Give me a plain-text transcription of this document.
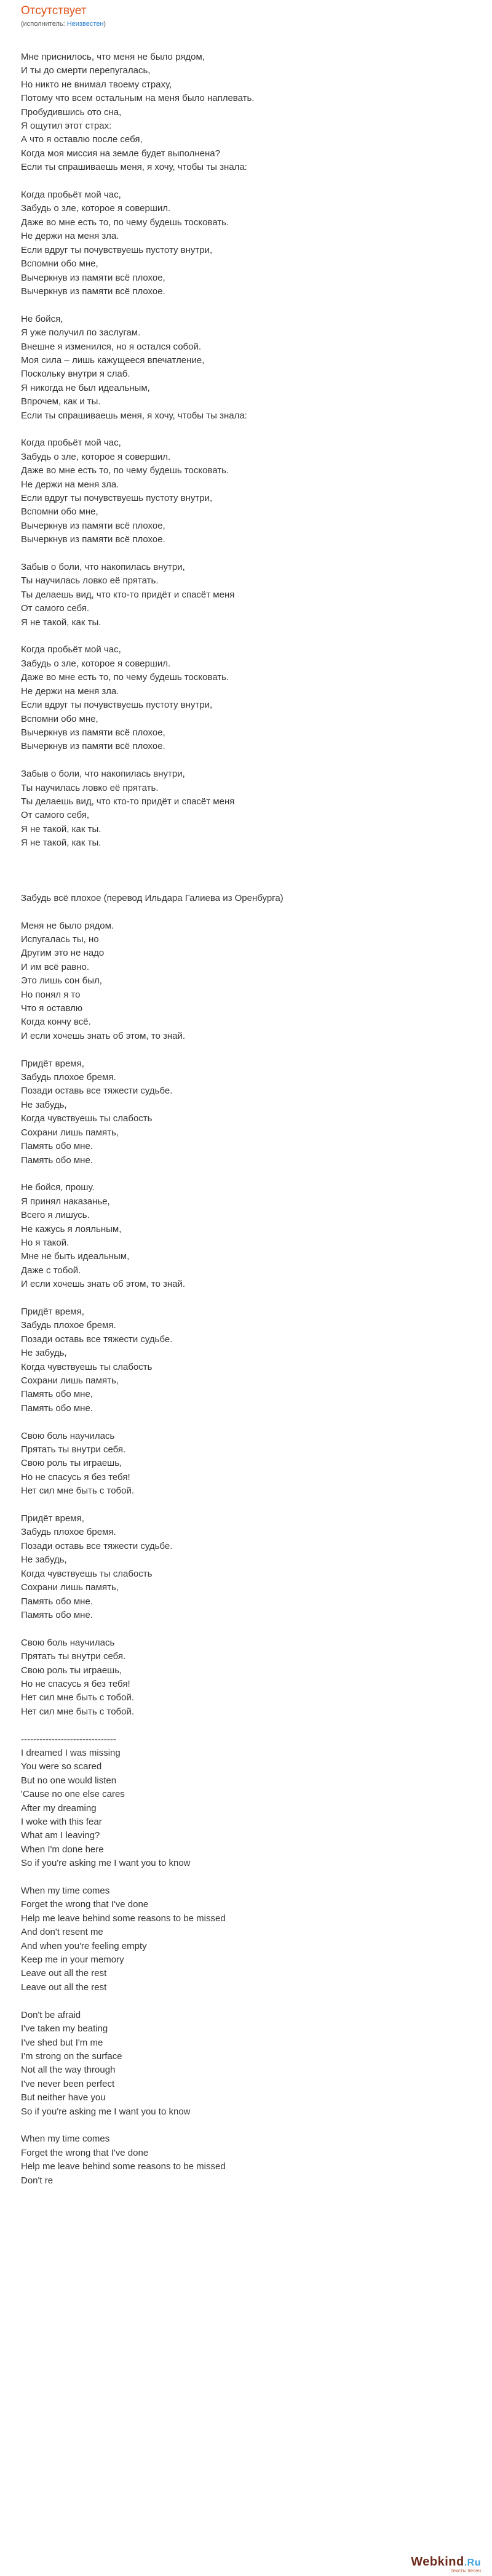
Отсутствует
(исполнитель: Неизвестен)
Мне приснилось, что меня не было рядом,
И ты до смерти перепугалась,
Но никто не внимал твоему страху,
Потому что всем остальным на меня было наплевать.
Пробудившись ото сна,
Я ощутил этот страх:
А что я оставлю после себя,
Когда моя миссия на земле будет выполнена?
Если ты спрашиваешь меня, я хочу, чтобы ты знала:

Когда пробьёт мой час,
Забудь о зле, которое я совершил.
Даже во мне есть то, по чему будешь тосковать.
Не держи на меня зла.
Если вдруг ты почувствуешь пустоту внутри,
Вспомни обо мне,
Вычеркнув из памяти всё плохое,
Вычеркнув из памяти всё плохое.

Не бойся,
Я уже получил по заслугам.
Внешне я изменился, но я остался собой.
Моя сила – лишь кажущееся впечатление,
Поскольку внутри я слаб.
Я никогда не был идеальным,
Впрочем, как и ты.
Если ты спрашиваешь меня, я хочу, чтобы ты знала:

Когда пробьёт мой час,
Забудь о зле, которое я совершил.
Даже во мне есть то, по чему будешь тосковать.
Не держи на меня зла.
Если вдруг ты почувствуешь пустоту внутри,
Вспомни обо мне,
Вычеркнув из памяти всё плохое,
Вычеркнув из памяти всё плохое.

Забыв о боли, что накопилась внутри,
Ты научилась ловко её прятать.
Ты делаешь вид, что кто-то придёт и спасёт меня
От самого себя.
Я не такой, как ты.

Когда пробьёт мой час,
Забудь о зле, которое я совершил.
Даже во мне есть то, по чему будешь тосковать.
Не держи на меня зла.
Если вдруг ты почувствуешь пустоту внутри,
Вспомни обо мне,
Вычеркнув из памяти всё плохое,
Вычеркнув из памяти всё плохое.

Забыв о боли, что накопилась внутри,
Ты научилась ловко её прятать.
Ты делаешь вид, что кто-то придёт и спасёт меня
От самого себя,
Я не такой, как ты.
Я не такой, как ты.

Забудь всё плохое (перевод Ильдара Галиева из Оренбурга)

Меня не было рядом.
Испугалась ты, но
Другим это не надо
И им всё равно.
Это лишь сон был,
Но понял я то
Что я оставлю
Когда кончу всё.
И если хочешь знать об этом, то знай.

Придёт время,
Забудь плохое бремя.
Позади оставь все тяжести судьбе.
Не забудь,
Когда чувствуешь ты слабость
Сохрани лишь память,
Память обо мне.
Память обо мне.

Не бойся, прошу.
Я принял наказанье,
Всего я лишусь.
Не кажусь я лояльным,
Но я такой.
Мне не быть идеальным,
Даже с тобой.
И если хочешь знать об этом, то знай.

Придёт время,
Забудь плохое бремя.
Позади оставь все тяжести судьбе.
Не забудь,
Когда чувствуешь ты слабость
Сохрани лишь память,
Память обо мне,
Память обо мне.

Свою боль научилась
Прятать ты внутри себя.
Свою роль ты играешь,
Но не спасусь я без тебя!
Нет сил мне быть с тобой.

Придёт время,
Забудь плохое бремя.
Позади оставь все тяжести судьбе.
Не забудь,
Когда чувствуешь ты слабость
Сохрани лишь память,
Память обо мне.
Память обо мне.

Свою боль научилась
Прятать ты внутри себя.
Свою роль ты играешь,
Но не спасусь я без тебя!
Нет сил мне быть с тобой.
Нет сил мне быть с тобой.

-------------------------------
I dreamed I was missing
You were so scared
But no one would listen
'Cause no one else cares
After my dreaming
I woke with this fear
What am I leaving?
When I'm done here
So if you're asking me I want you to know

When my time comes
Forget the wrong that I've done
Help me leave behind some reasons to be missed
And don't resent me
And when you're feeling empty
Keep me in your memory
Leave out all the rest
Leave out all the rest

Don't be afraid
I've taken my beating
I've shed but I'm me
I'm strong on the surface
Not all the way through
I've never been perfect
But neither have you
So if you're asking me I want you to know

When my time comes
Forget the wrong that I've done
Help me leave behind some reasons to be missed
Don't re
Webkind.Ru
тексты песен
